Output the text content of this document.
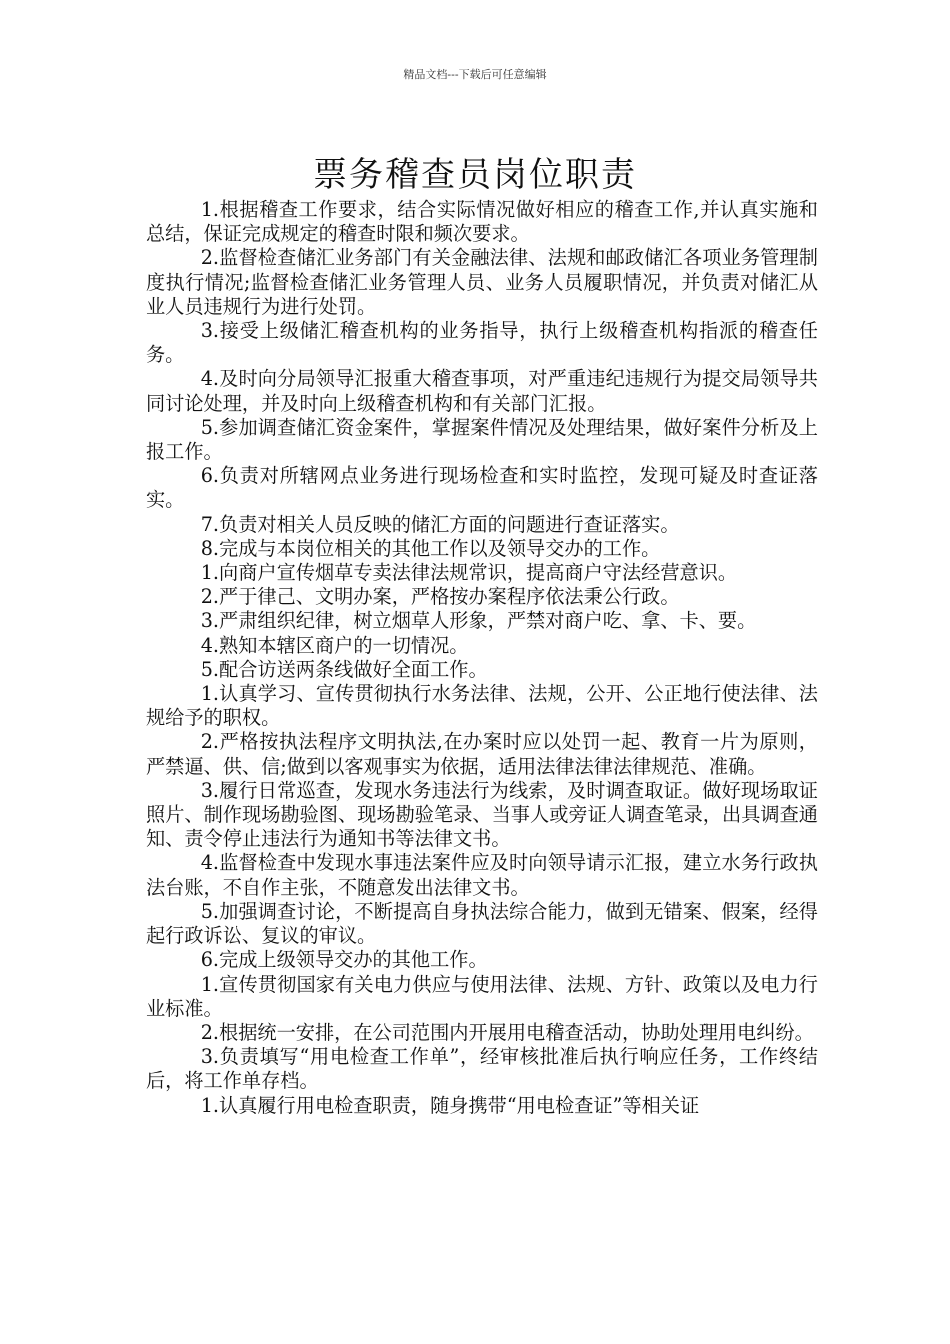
精品文档---下载后可任意编辑
票务稽查员岗位职责

1.根据稽查工作要求，结合实际情况做好相应的稽查工作,并认真实施和总结，保证完成规定的稽查时限和频次要求。

2.监督检查储汇业务部门有关金融法律、法规和邮政储汇各项业务管理制度执行情况;监督检查储汇业务管理人员、业务人员履职情况，并负责对储汇从业人员违规行为进行处罚。

3.接受上级储汇稽查机构的业务指导，执行上级稽查机构指派的稽查任务。

4.及时向分局领导汇报重大稽查事项，对严重违纪违规行为提交局领导共同讨论处理，并及时向上级稽查机构和有关部门汇报。

5.参加调查储汇资金案件，掌握案件情况及处理结果，做好案件分析及上报工作。

6.负责对所辖网点业务进行现场检查和实时监控，发现可疑及时查证落实。

7.负责对相关人员反映的储汇方面的问题进行查证落实。

8.完成与本岗位相关的其他工作以及领导交办的工作。

1.向商户宣传烟草专卖法律法规常识，提高商户守法经营意识。

2.严于律己、文明办案，严格按办案程序依法秉公行政。

3.严肃组织纪律，树立烟草人形象，严禁对商户吃、拿、卡、要。

4.熟知本辖区商户的一切情况。

5.配合访送两条线做好全面工作。

1.认真学习、宣传贯彻执行水务法律、法规，公开、公正地行使法律、法规给予的职权。

2.严格按执法程序文明执法,在办案时应以处罚一起、教育一片为原则，严禁逼、供、信;做到以客观事实为依据，适用法律法律法律规范、准确。

3.履行日常巡查，发现水务违法行为线索，及时调查取证。做好现场取证照片、制作现场勘验图、现场勘验笔录、当事人或旁证人调查笔录，出具调查通知、责令停止违法行为通知书等法律文书。

4.监督检查中发现水事违法案件应及时向领导请示汇报，建立水务行政执法台账，不自作主张，不随意发出法律文书。

5.加强调查讨论，不断提高自身执法综合能力，做到无错案、假案，经得起行政诉讼、复议的审议。

6.完成上级领导交办的其他工作。

1.宣传贯彻国家有关电力供应与使用法律、法规、方针、政策以及电力行业标准。

2.根据统一安排，在公司范围内开展用电稽查活动，协助处理用电纠纷。

3.负责填写“用电检查工作单”，经审核批准后执行响应任务，工作终结后，将工作单存档。

1.认真履行用电检查职责，随身携带“用电检查证”等相关证
